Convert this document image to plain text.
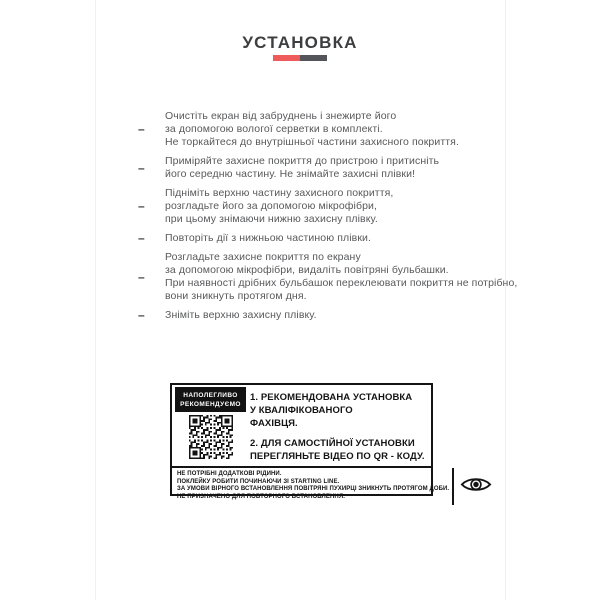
УСТАНОВКА
–
Очистіть екран від забруднень і знежирте його
за допомогою вологої серветки в комплекті.
Не торкайтеся до внутрішньої частини захисного покриття.
–	Приміряйте захисне покриття до пристрою і притисніть
його середню частину. Не знімайте захисні плівки!
–
Підніміть верхню частину захисного покриття,
розгладьте його за допомогою мікрофібри,
при цьому знімаючи нижню захисну плівку.
–	Повторіть дії з нижньою частиною плівки.
–
Розгладьте захисне покриття по екрану
за допомогою мікрофібри, видаліть повітряні бульбашки.
При наявності дрібних бульбашок переклеювати покриття не потрібно,
вони зникнуть протягом дня.
–	Зніміть верхню захисну плівку.
НАПОЛЕГЛИВО
РЕКОМЕНДУЄМО
1. РЕКОМЕНДОВАНА УСТАНОВКА
У КВАЛІФІКОВАНОГО
ФАХІВЦЯ.
2. ДЛЯ САМОСТІЙНОЇ УСТАНОВКИ
ПЕРЕГЛЯНЬТЕ ВІДЕО ПО QR - КОДУ.
НЕ ПОТРІБНІ ДОДАТКОВІ РІДИНИ.
ПОКЛЕЙКУ РОБИТИ ПОЧИНАЮЧИ ЗІ STARTING LINE.
ЗА УМОВИ ВІРНОГО ВСТАНОВЛЕННЯ ПОВІТРЯНІ ПУХИРЦІ ЗНИКНУТЬ ПРОТЯГОМ ДОБИ.
НЕ ПРИЗНАЧЕНО ДЛЯ ПОВТОРНОГО ВСТАНОВЛЕННЯ.
